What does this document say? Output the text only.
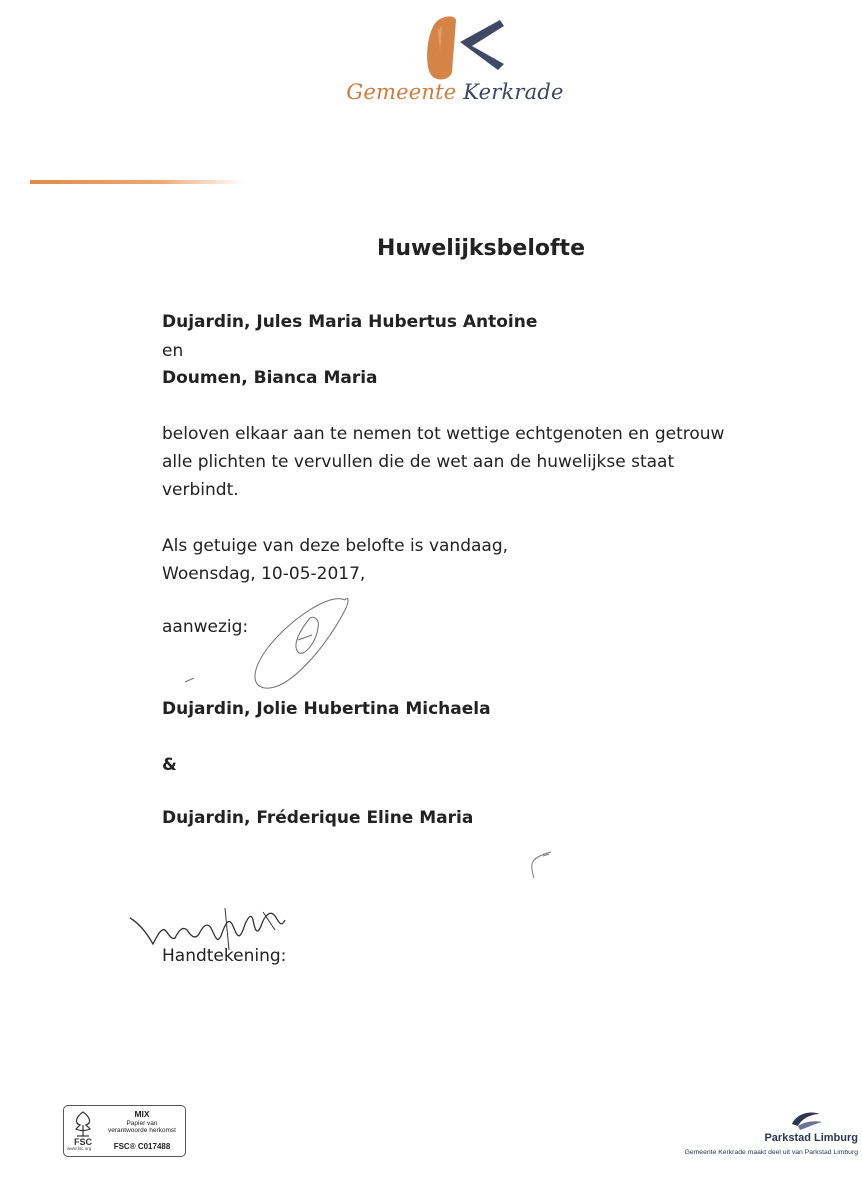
Gemeente Kerkrade
Huwelijksbelofte
Dujardin, Jules Maria Hubertus Antoine
en
Doumen, Bianca Maria
beloven elkaar aan te nemen tot wettige echtgenoten en getrouw
alle plichten te vervullen die de wet aan de huwelijkse staat
verbindt.
Als getuige van deze belofte is vandaag,
Woensdag, 10-05-2017,
aanwezig:
Dujardin, Jolie Hubertina Michaela
&
Dujardin, Fréderique Eline Maria
Handtekening:
FSC
www.fsc.org
MIX
Papier van
verantwoorde herkomst
FSC® C017488
Parkstad Limburg
Gemeente Kerkrade maakt deel uit van Parkstad Limburg
